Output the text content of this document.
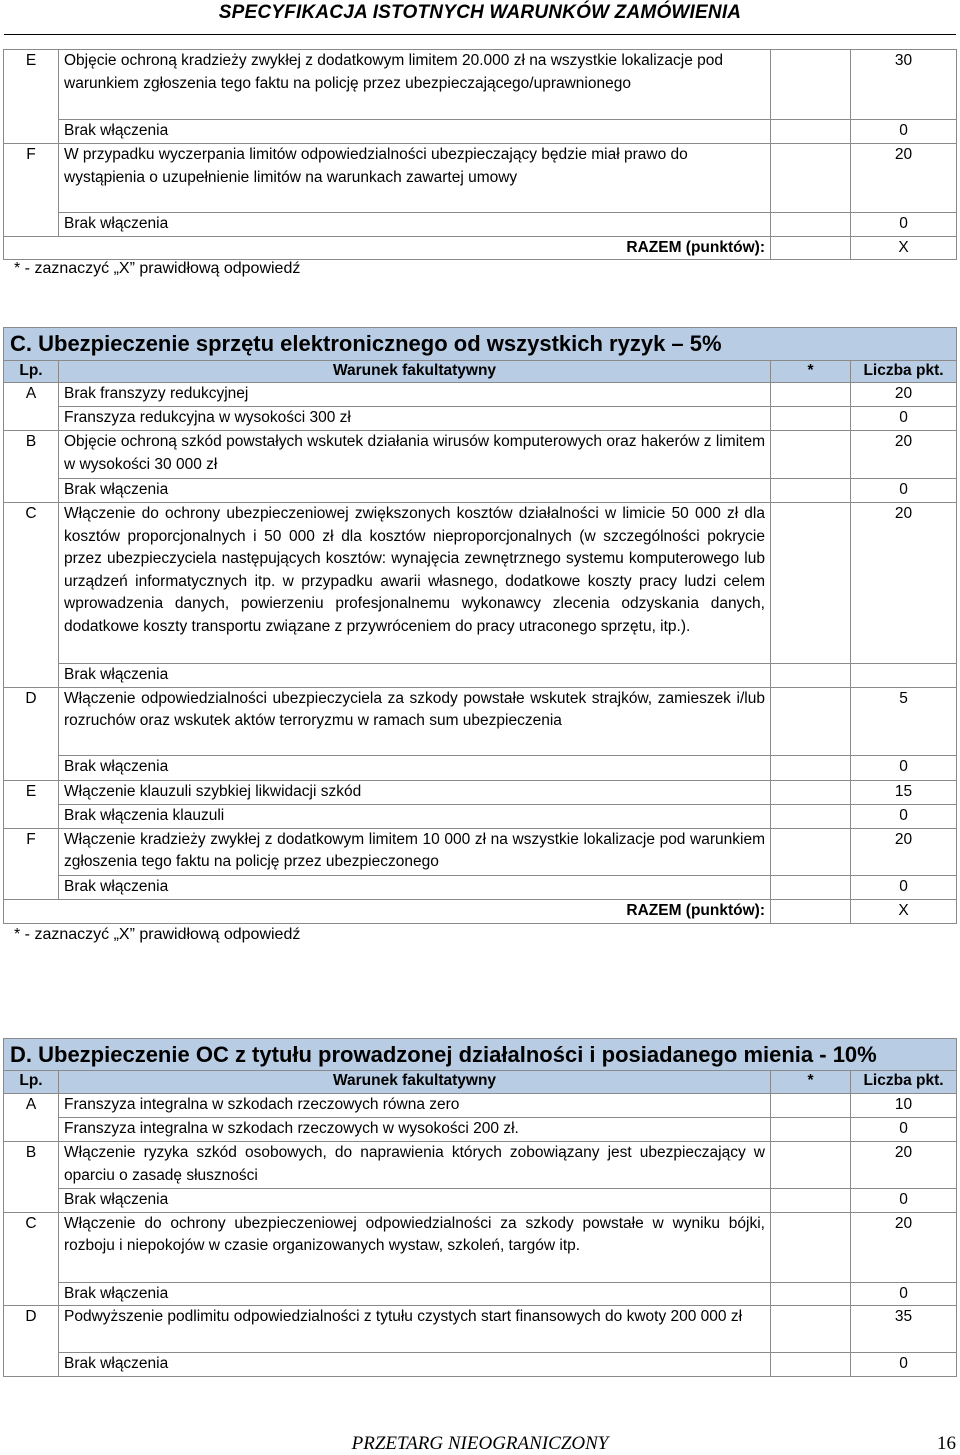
SPECYFIKACJA ISTOTNYCH WARUNKÓW ZAMÓWIENIA
E	Objęcie ochroną kradzieży zwykłej z dodatkowym limitem 20.000 zł na wszystkie lokalizacje pod warunkiem zgłoszenia tego faktu na policję przez ubezpieczającego/uprawnionego		30
	Brak włączenia		0
F	W przypadku wyczerpania limitów odpowiedzialności ubezpieczający będzie miał prawo do wystąpienia o uzupełnienie limitów na warunkach zawartej umowy		20
	Brak włączenia		0
RAZEM (punktów):			X
* - zaznaczyć „X” prawidłową odpowiedź
C. Ubezpieczenie sprzętu elektronicznego od wszystkich ryzyk – 5%			
Lp.	Warunek fakultatywny	*	Liczba pkt.
A	Brak franszyzy redukcyjnej		20
	Franszyza redukcyjna w wysokości 300 zł		0
B	Objęcie ochroną szkód powstałych wskutek działania wirusów komputerowych oraz hakerów z limitem w wysokości 30 000 zł		20
	Brak włączenia		0
C	Włączenie do ochrony ubezpieczeniowej zwiększonych kosztów działalności w limicie 50 000 zł dla kosztów proporcjonalnych i 50 000 zł dla kosztów nieproporcjonalnych (w szczególności pokrycie przez ubezpieczyciela następujących kosztów: wynajęcia zewnętrznego systemu komputerowego lub urządzeń informatycznych itp. w przypadku awarii własnego, dodatkowe koszty pracy ludzi celem wprowadzenia danych, powierzeniu profesjonalnemu wykonawcy zlecenia odzyskania danych, dodatkowe koszty transportu związane z przywróceniem do pracy utraconego sprzętu, itp.).		20
	Brak włączenia		
D	Włączenie odpowiedzialności ubezpieczyciela za szkody powstałe wskutek strajków, zamieszek i/lub rozruchów oraz wskutek aktów terroryzmu w ramach sum ubezpieczenia		5
	Brak włączenia		0
E	Włączenie klauzuli szybkiej likwidacji szkód		15
	Brak włączenia klauzuli		0
F	Włączenie kradzieży zwykłej z dodatkowym limitem 10 000 zł na wszystkie lokalizacje pod warunkiem zgłoszenia tego faktu na policję przez ubezpieczonego		20
	Brak włączenia		0
RAZEM (punktów):			X
* - zaznaczyć „X” prawidłową odpowiedź
D. Ubezpieczenie OC z tytułu prowadzonej działalności i posiadanego mienia - 10%			
Lp.	Warunek fakultatywny	*	Liczba pkt.
A	Franszyza integralna w szkodach rzeczowych równa zero		10
	Franszyza integralna w szkodach rzeczowych w wysokości 200 zł.		0
B	Włączenie ryzyka szkód osobowych, do naprawienia których zobowiązany jest ubezpieczający w oparciu o zasadę słuszności		20
	Brak włączenia		0
C	Włączenie do ochrony ubezpieczeniowej odpowiedzialności za szkody powstałe w wyniku bójki, rozboju i niepokojów w czasie organizowanych wystaw, szkoleń, targów itp.		20
	Brak włączenia		0
D	Podwyższenie podlimitu odpowiedzialności z tytułu czystych start finansowych do kwoty 200 000 zł		35
	Brak włączenia		0
PRZETARG NIEOGRANICZONY	16
